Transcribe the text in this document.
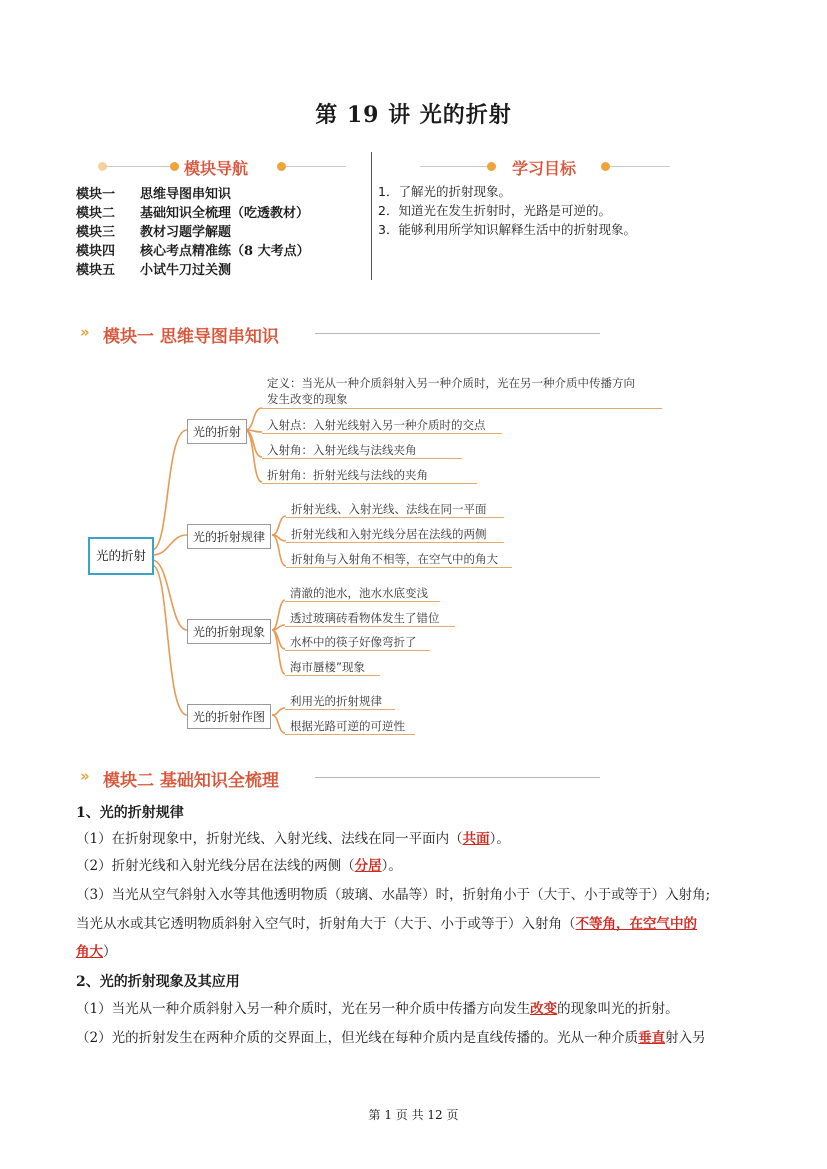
第 19 讲 光的折射
模块导航
模块一 思维导图串知识
模块二 基础知识全梳理（吃透教材）
模块三 教材习题学解题
模块四 核心考点精准练（8 大考点）
模块五 小试牛刀过关测
学习目标
1．了解光的折射现象。
2．知道光在发生折射时，光路是可逆的。
3．能够利用所学知识解释生活中的折射现象。
» 模块一 思维导图串知识
光的折射
光的折射
光的折射规律
光的折射现象
光的折射作图
定义：当光从一种介质斜射入另一种介质时，光在另一种介质中传播方向
发生改变的现象
入射点：入射光线射入另一种介质时的交点
入射角：入射光线与法线夹角
折射角：折射光线与法线的夹角
折射光线、入射光线、法线在同一平面
折射光线和入射光线分居在法线的两侧
折射角与入射角不相等，在空气中的角大
清澈的池水，池水水底变浅
透过玻璃砖看物体发生了错位
水杯中的筷子好像弯折了
海市蜃楼”现象
利用光的折射规律
根据光路可逆的可逆性
» 模块二 基础知识全梳理
1、光的折射规律
（1）在折射现象中，折射光线、入射光线、法线在同一平面内（共面）。
（2）折射光线和入射光线分居在法线的两侧（分居）。
（3）当光从空气斜射入水等其他透明物质（玻璃、水晶等）时，折射角小于（大于、小于或等于）入射角;
当光从水或其它透明物质斜射入空气时，折射角大于（大于、小于或等于）入射角（不等角，在空气中的
角大）
2、光的折射现象及其应用
（1）当光从一种介质斜射入另一种介质时，光在另一种介质中传播方向发生改变的现象叫光的折射。
（2）光的折射发生在两种介质的交界面上，但光线在每种介质内是直线传播的。光从一种介质垂直射入另
第 1 页 共 12 页
